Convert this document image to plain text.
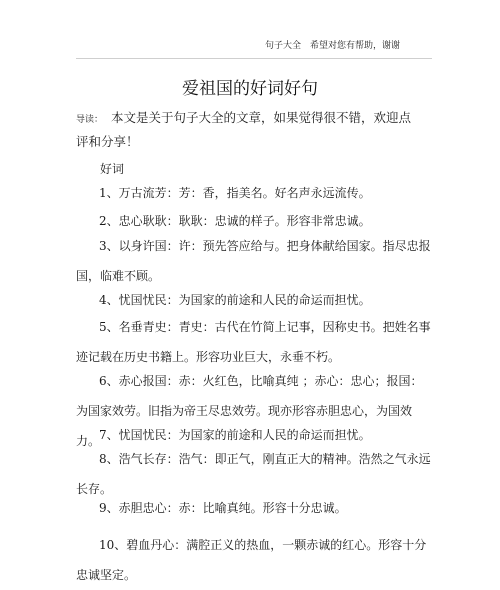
句子大全 希望对您有帮助，谢谢
爱祖国的好词好句
导读： 本文是关于句子大全的文章，如果觉得很不错，欢迎点
评和分享！
好词
1、万古流芳：芳：香，指美名。好名声永远流传。
2、忠心耿耿：耿耿：忠诚的样子。形容非常忠诚。
3、以身许国：许：预先答应给与。把身体献给国家。指尽忠报国，临难不顾。
4、忧国忧民：为国家的前途和人民的命运而担忧。
5、名垂青史：青史：古代在竹简上记事，因称史书。把姓名事迹记载在历史书籍上。形容功业巨大，永垂不朽。
6、赤心报国：赤：火红色，比喻真纯 ；赤心：忠心；报国：为国家效劳。旧指为帝王尽忠效劳。现亦形容赤胆忠心，为国效力。
7、忧国忧民：为国家的前途和人民的命运而担忧。
8、浩气长存：浩气：即正气，刚直正大的精神。浩然之气永远长存。
9、赤胆忠心：赤：比喻真纯。形容十分忠诚。
10、碧血丹心：满腔正义的热血，一颗赤诚的红心。形容十分忠诚坚定。
